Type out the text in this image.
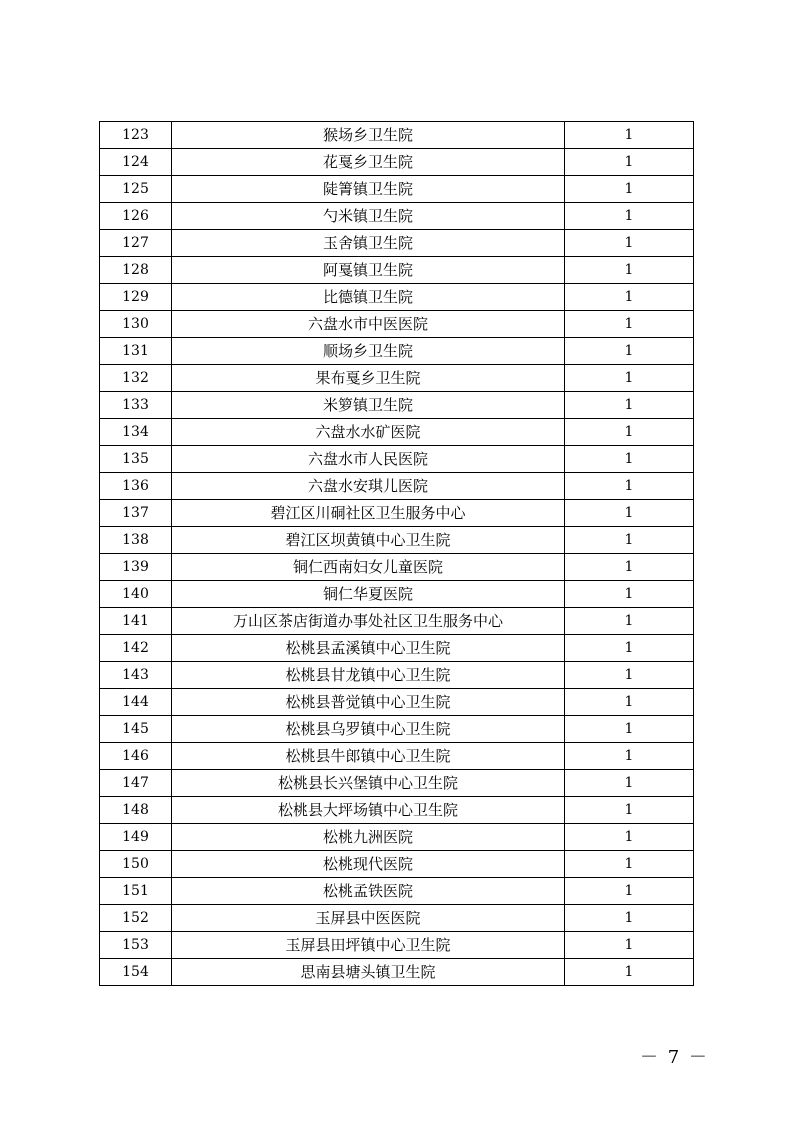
123	猴场乡卫生院	1
124	花戛乡卫生院	1
125	陡箐镇卫生院	1
126	勺米镇卫生院	1
127	玉舍镇卫生院	1
128	阿戛镇卫生院	1
129	比德镇卫生院	1
130	六盘水市中医医院	1
131	顺场乡卫生院	1
132	果布戛乡卫生院	1
133	米箩镇卫生院	1
134	六盘水水矿医院	1
135	六盘水市人民医院	1
136	六盘水安琪儿医院	1
137	碧江区川硐社区卫生服务中心	1
138	碧江区坝黄镇中心卫生院	1
139	铜仁西南妇女儿童医院	1
140	铜仁华夏医院	1
141	万山区茶店街道办事处社区卫生服务中心	1
142	松桃县孟溪镇中心卫生院	1
143	松桃县甘龙镇中心卫生院	1
144	松桃县普觉镇中心卫生院	1
145	松桃县乌罗镇中心卫生院	1
146	松桃县牛郎镇中心卫生院	1
147	松桃县长兴堡镇中心卫生院	1
148	松桃县大坪场镇中心卫生院	1
149	松桃九洲医院	1
150	松桃现代医院	1
151	松桃孟铁医院	1
152	玉屏县中医医院	1
153	玉屏县田坪镇中心卫生院	1
154	思南县塘头镇卫生院	1
－ 7 －
